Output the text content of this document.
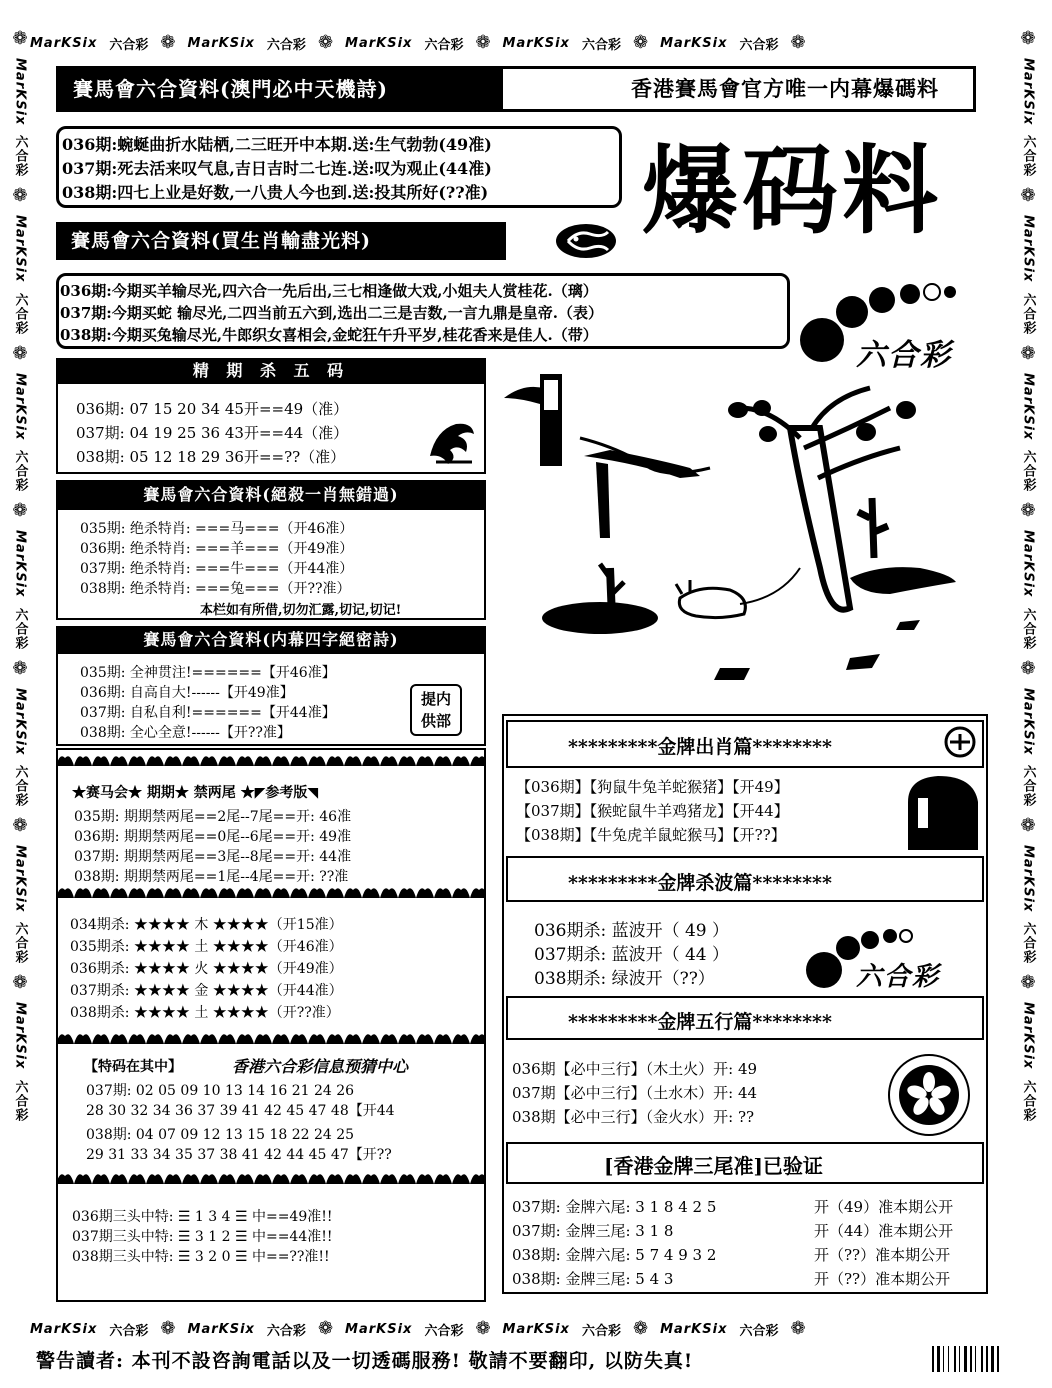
MarKSix 六合彩 ❁ MarKSix 六合彩 ❁ MarKSix 六合彩 ❁ MarKSix 六合彩 ❁ MarKSix 六合彩 ❁
MarKSix 六合彩 ❁ MarKSix 六合彩 ❁ MarKSix 六合彩 ❁ MarKSix 六合彩 ❁ MarKSix 六合彩 ❁
❁
MarKSix
六合彩
❁
MarKSix
六合彩
❁
MarKSix
六合彩
❁
MarKSix
六合彩
❁
MarKSix
六合彩
❁
MarKSix
六合彩
❁
MarKSix
六合彩
❁
MarKSix
六合彩
❁
MarKSix
六合彩
❁
MarKSix
六合彩
❁
MarKSix
六合彩
❁
MarKSix
六合彩
❁
MarKSix
六合彩
❁
MarKSix
六合彩
賽馬會六合資料(澳門必中天機詩)	香港賽馬會官方唯一内幕爆碼料
036期:蜿蜒曲折水陆栖,二三旺开中本期.送:生气勃勃(49准)
037期:死去活来叹气息,吉日吉时二七连.送:叹为观止(44准)
038期:四七上业是好数,一八贵人今也到.送:投其所好(??准) 爆码料
賽馬會六合資料(買生肖輸盡光料)
036期:今期买羊输尽光,四六合一先后出,三七相逢做大戏,小姐夫人赏桂花.（璃）
037期:今期买蛇 输尽光,二四当前五六到,选出二三是吉数,一言九鼎是皇帝.（表）
038期:今期买兔输尽光,牛郎织女喜相会,金蛇狂午升平岁,桂花香来是佳人.（带）
六合彩
精 期 杀 五 码
036期: 07 15 20 34 45开==49（准）
037期: 04 19 25 36 43开==44（准）
038期: 05 12 18 29 36开==??（准）
賽馬會六合資料(絕殺一肖無錯過)
035期: 绝杀特肖: ===马===（开46准）
036期: 绝杀特肖: ===羊===（开49准）
037期: 绝杀特肖: ===牛===（开44准）
038期: 绝杀特肖: ===兔===（开??准）
本栏如有所借,切勿汇露,切记,切记!
賽馬會六合資料(内幕四字絕密詩)
035期: 全神贯注!======【开46准】
036期: 自高自大!------【开49准】
037期: 自私自利!======【开44准】
038期: 全心全意!------【开??准】
提内供部
★赛马会★ 期期★ 禁两尾 ★◤参考版◥
035期: 期期禁两尾==2尾--7尾==开: 46准
036期: 期期禁两尾==0尾--6尾==开: 49准
037期: 期期禁两尾==3尾--8尾==开: 44准
038期: 期期禁两尾==1尾--4尾==开: ??准
034期杀: ★★★★ 木 ★★★★（开15准）
035期杀: ★★★★ 土 ★★★★（开46准）
036期杀: ★★★★ 火 ★★★★（开49准）
037期杀: ★★★★ 金 ★★★★（开44准）
038期杀: ★★★★ 土 ★★★★（开??准）
【特码在其中】	香港六合彩信息预猜中心
037期: 02 05 09 10 13 14 16 21 24 26
28 30 32 34 36 37 39 41 42 45 47 48【开44
038期: 04 07 09 12 13 15 18 22 24 25
29 31 33 34 35 37 38 41 42 44 45 47【开??
036期三头中特: ☰ 1 3 4 ☰ 中==49准!!
037期三头中特: ☰ 3 1 2 ☰ 中==44准!!
038期三头中特: ☰ 3 2 0 ☰ 中==??准!!
*********金牌出肖篇********
【036期】【狗鼠牛兔羊蛇猴猪】【开49】
【037期】【猴蛇鼠牛羊鸡猪龙】【开44】
【038期】【牛兔虎羊鼠蛇猴马】【开??】
*********金牌杀波篇********
036期杀: 蓝波开（ 49 ）
037期杀: 蓝波开（ 44 ）
038期杀: 绿波开（??）	六合彩
*********金牌五行篇********
036期【必中三行】（木土火）开: 49
037期【必中三行】（土水木）开: 44
038期【必中三行】（金火水）开: ??
[香港金牌三尾准]已验证
037期: 金牌六尾: 3 1 8 4 2 5	开（49）准本期公开
037期: 金牌三尾: 3 1 8	开（44）准本期公开
038期: 金牌六尾: 5 7 4 9 3 2	开（??）准本期公开
038期: 金牌三尾: 5 4 3	开（??）准本期公开
警告讀者: 本刊不設咨詢電話以及一切透碼服務! 敬請不要翻印, 以防失真!
